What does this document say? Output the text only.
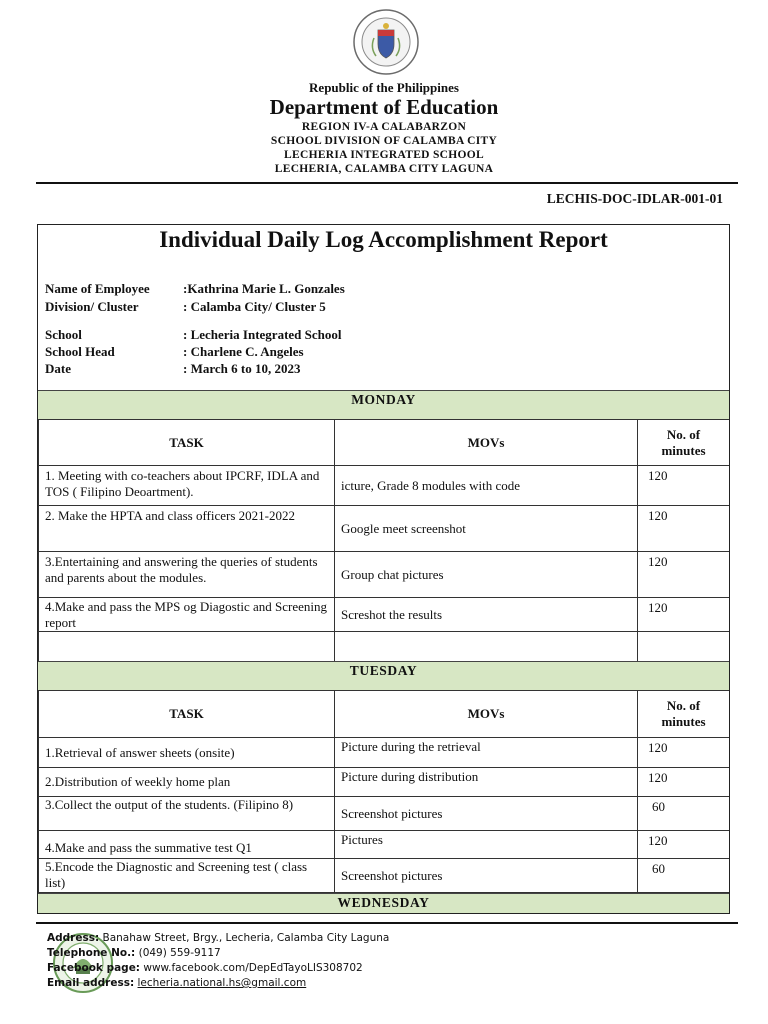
Republic of the Philippines
Department of Education
REGION IV-A CALABARZON
SCHOOL DIVISION OF CALAMBA CITY
LECHERIA INTEGRATED SCHOOL
LECHERIA, CALAMBA CITY LAGUNA
LECHIS-DOC-IDLAR-001-01
Individual Daily Log Accomplishment Report
Name of Employee	:Kathrina Marie L. Gonzales
Division/ Cluster	: Calamba City/ Cluster 5
School	: Lecheria Integrated School
School Head	: Charlene C. Angeles
Date	: March 6 to 10, 2023
MONDAY
TASK	MOVs	No. of
minutes
1. Meeting with co-teachers about IPCRF, IDLA and TOS ( Filipino Deoartment).	icture, Grade 8 modules with code	120
2. Make the HPTA and class officers 2021-2022	Google meet screenshot	120
3.Entertaining and answering the queries of students and parents about the modules.	Group chat pictures	120
4.Make and pass the MPS og Diagostic and Screening report	Screshot the results	120

TUESDAY
TASK	MOVs	No. of
minutes
1.Retrieval of answer sheets (onsite)	Picture during the retrieval	120
2.Distribution of weekly home plan	Picture during distribution	120
3.Collect the output of the students. (Filipino 8)	Screenshot pictures	60
4.Make and pass the summative test Q1	Pictures	120
5.Encode the Diagnostic and Screening test ( class list)	Screenshot pictures	60
WEDNESDAY
Address: Banahaw Street, Brgy., Lecheria, Calamba City Laguna
Telephone No.: (049) 559-9117
Facebook page: www.facebook.com/DepEdTayoLIS308702
Email address: lecheria.national.hs@gmail.com
